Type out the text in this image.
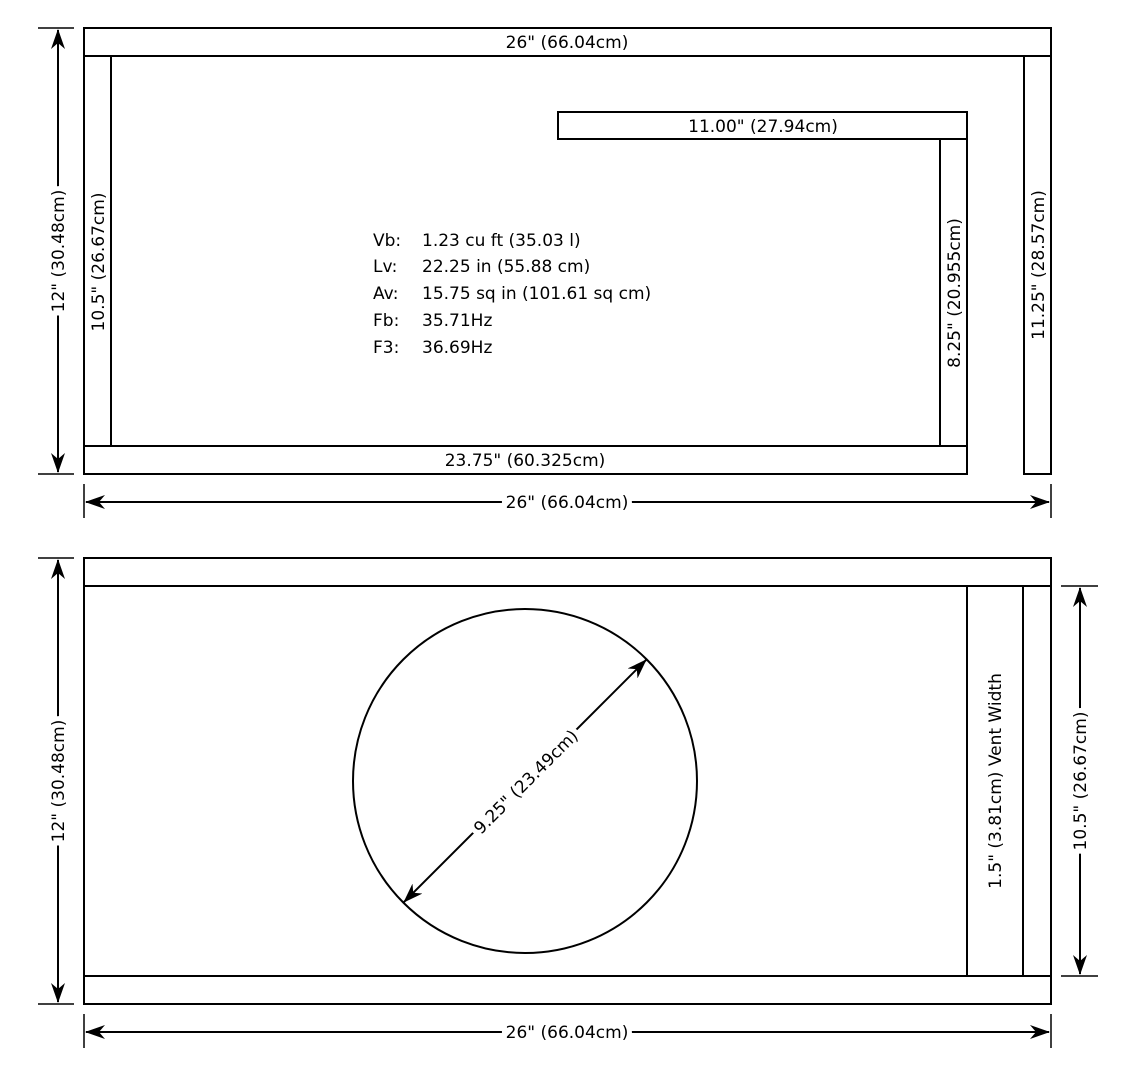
26" (66.04cm)
10.5" (26.67cm)	11.25" (28.57cm)
23.75" (60.325cm)
11.00" (27.94cm)
8.25" (20.955cm)
Vb: 1.23 cu ft (35.03 l)
Lv: 22.25 in (55.88 cm)
Av: 15.75 sq in (101.61 sq cm)
Fb: 35.71Hz
F3: 36.69Hz
12" (30.48cm)
26" (66.04cm)
9.25" (23.49cm)	1.5" (3.81cm) Vent Width
12" (30.48cm)	10.5" (26.67cm)
26" (66.04cm)
